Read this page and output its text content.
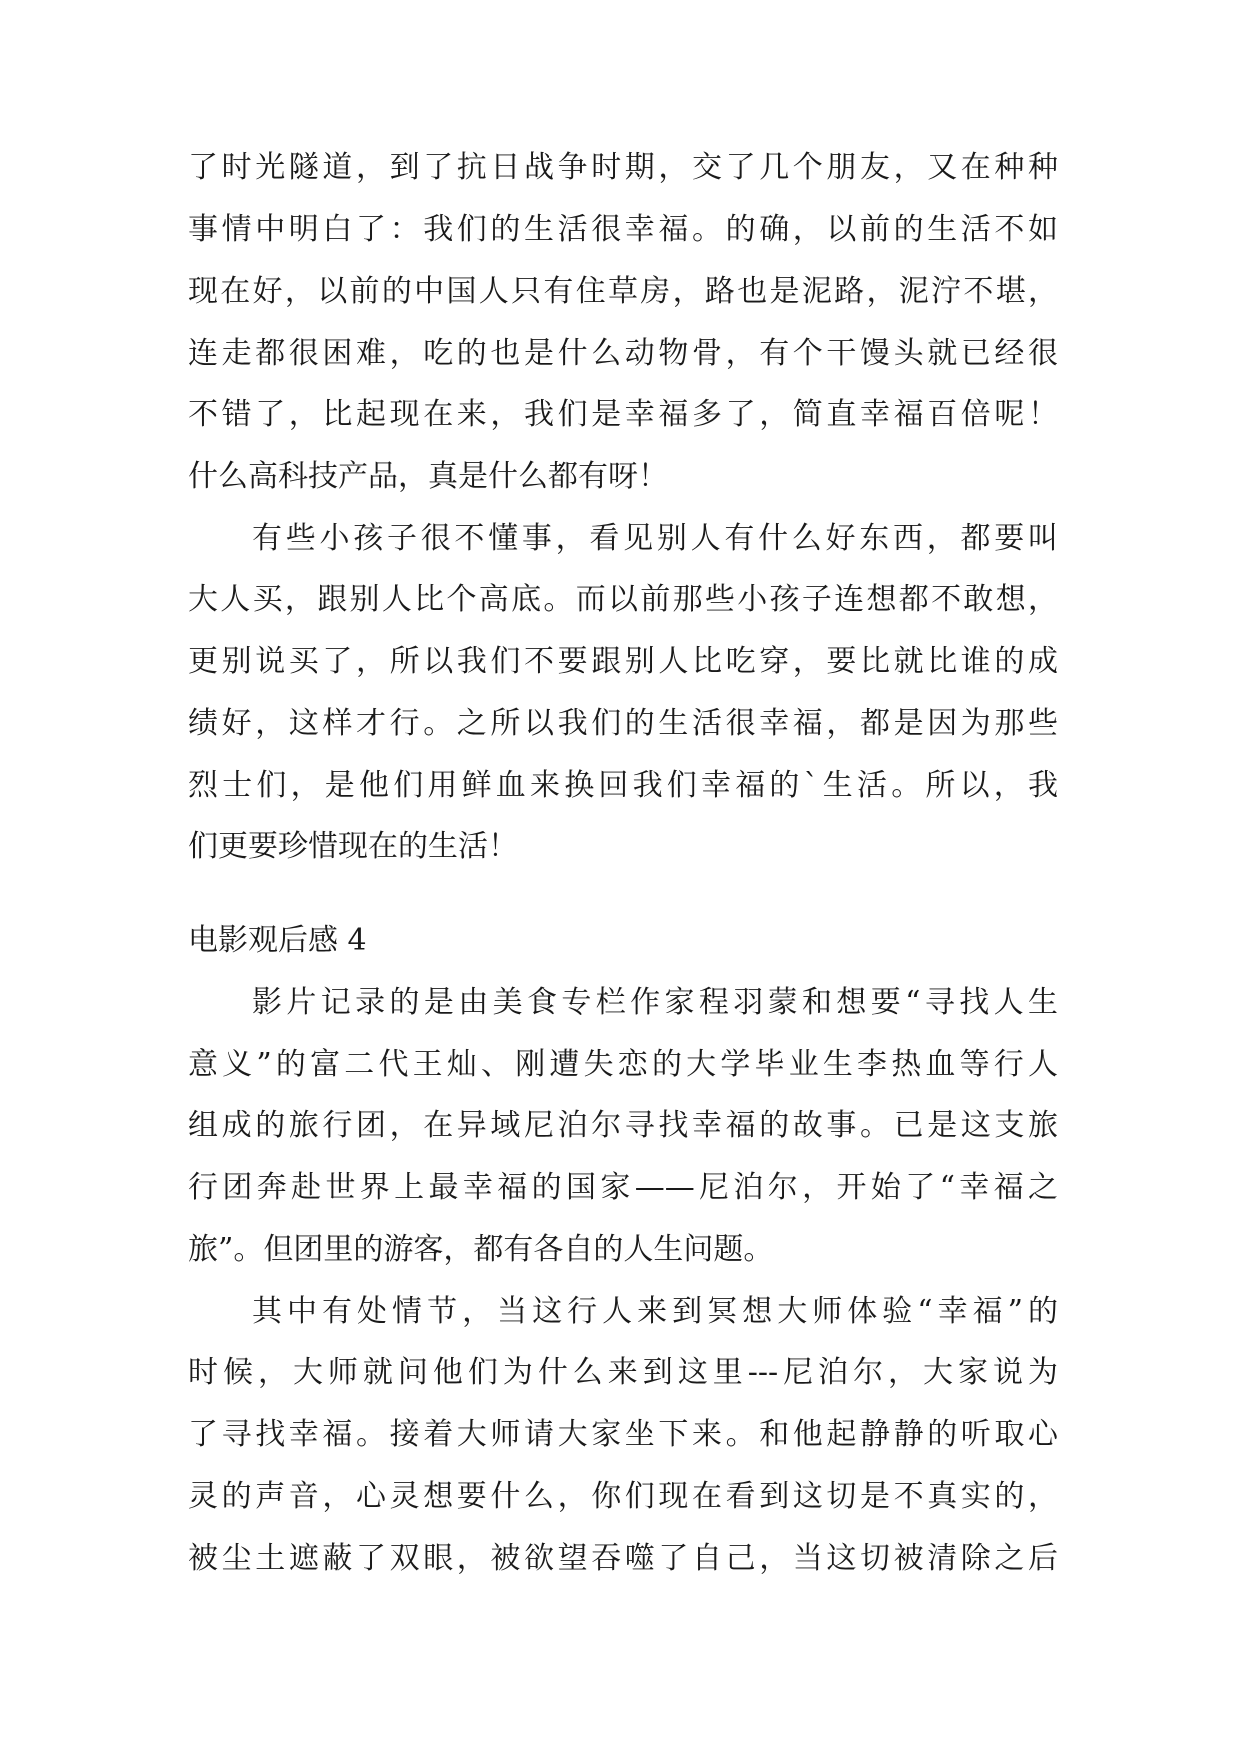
了时光隧道，到了抗日战争时期，交了几个朋友，又在种种
事情中明白了：我们的生活很幸福。的确，以前的生活不如
现在好，以前的中国人只有住草房，路也是泥路，泥泞不堪，
连走都很困难，吃的也是什么动物骨，有个干馒头就已经很
不错了，比起现在来，我们是幸福多了，简直幸福百倍呢！
什么高科技产品，真是什么都有呀！
有些小孩子很不懂事，看见别人有什么好东西，都要叫
大人买，跟别人比个高底。而以前那些小孩子连想都不敢想，
更别说买了，所以我们不要跟别人比吃穿，要比就比谁的成
绩好，这样才行。之所以我们的生活很幸福，都是因为那些
烈士们，是他们用鲜血来换回我们幸福的`生活。所以，我
们更要珍惜现在的生活！
电影观后感 4
影片记录的是由美食专栏作家程羽蒙和想要“寻找人生
意义”的富二代王灿、刚遭失恋的大学毕业生李热血等行人
组成的旅行团，在异域尼泊尔寻找幸福的故事。已是这支旅
行团奔赴世界上最幸福的国家——尼泊尔，开始了“幸福之
旅”。但团里的游客，都有各自的人生问题。
其中有处情节，当这行人来到冥想大师体验“幸福”的
时候，大师就问他们为什么来到这里---尼泊尔，大家说为
了寻找幸福。接着大师请大家坐下来。和他起静静的听取心
灵的声音，心灵想要什么，你们现在看到这切是不真实的，
被尘土遮蔽了双眼，被欲望吞噬了自己，当这切被清除之后
